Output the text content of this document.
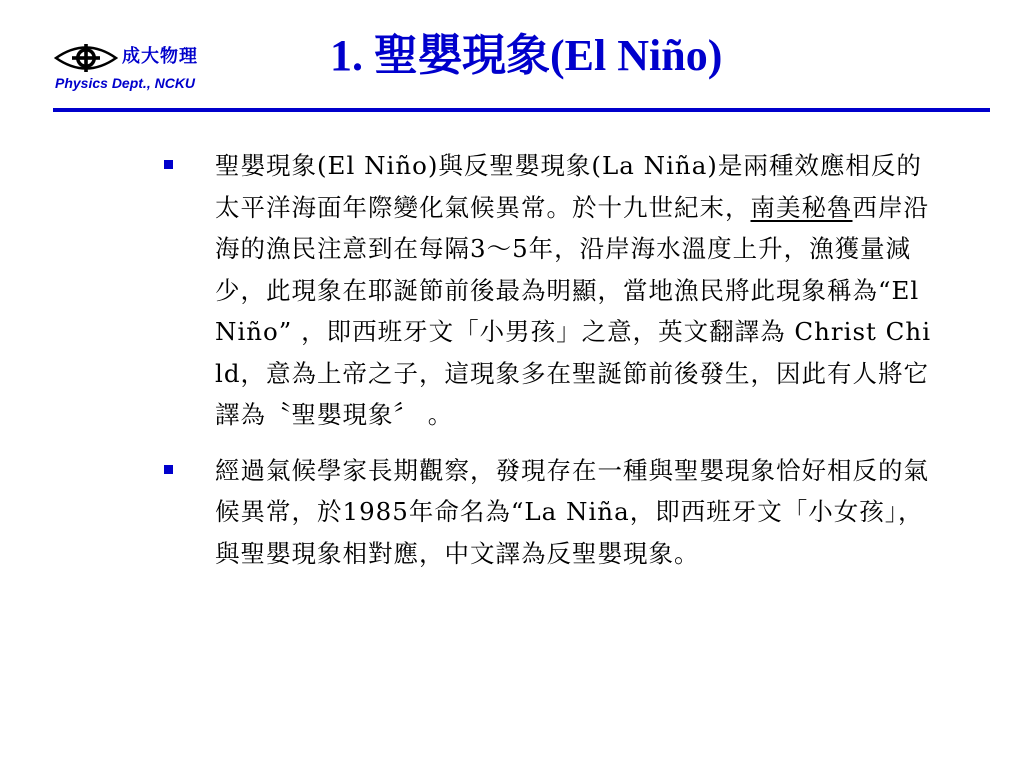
成大物理
Physics Dept., NCKU
1. 聖嬰現象(El Niño)
聖嬰現象(El Niño)與反聖嬰現象(La Niña)是兩種效應相反的太平洋海面年際變化氣候異常。於十九世紀末，南美秘魯西岸沿海的漁民注意到在每隔3～5年，沿岸海水溫度上升，漁獲量減少，此現象在耶誕節前後最為明顯，當地漁民將此現象稱為“El Niño” ，即西班牙文「小男孩」之意，英文翻譯為 Christ Child，意為上帝之子，這現象多在聖誕節前後發生，因此有人將它譯為〝聖嬰現象〞 。
經過氣候學家長期觀察，發現存在一種與聖嬰現象恰好相反的氣候異常，於1985年命名為“La Niña，即西班牙文「小女孩」，與聖嬰現象相對應，中文譯為反聖嬰現象。
